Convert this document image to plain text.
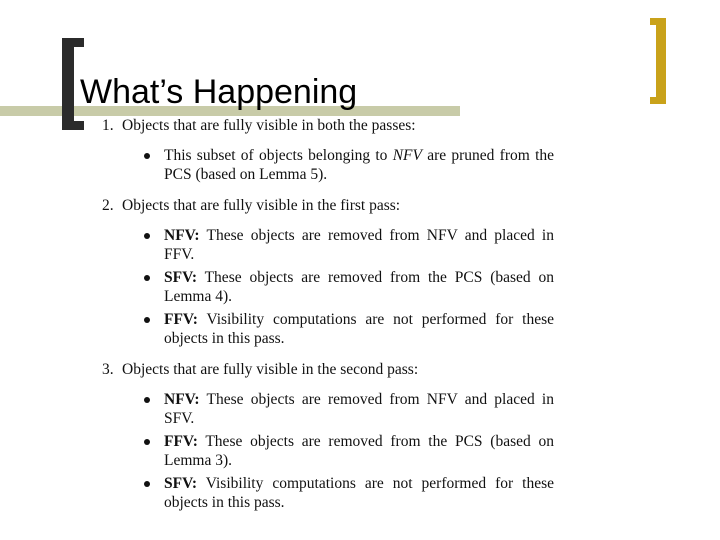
What’s Happening
1. Objects that are fully visible in both the passes:
This subset of objects belonging to NFV are pruned from the PCS (based on Lemma 5).
2. Objects that are fully visible in the first pass:
NFV: These objects are removed from NFV and placed in FFV.
SFV: These objects are removed from the PCS (based on Lemma 4).
FFV: Visibility computations are not performed for these objects in this pass.
3. Objects that are fully visible in the second pass:
NFV: These objects are removed from NFV and placed in SFV.
FFV: These objects are removed from the PCS (based on Lemma 3).
SFV: Visibility computations are not performed for these objects in this pass.
